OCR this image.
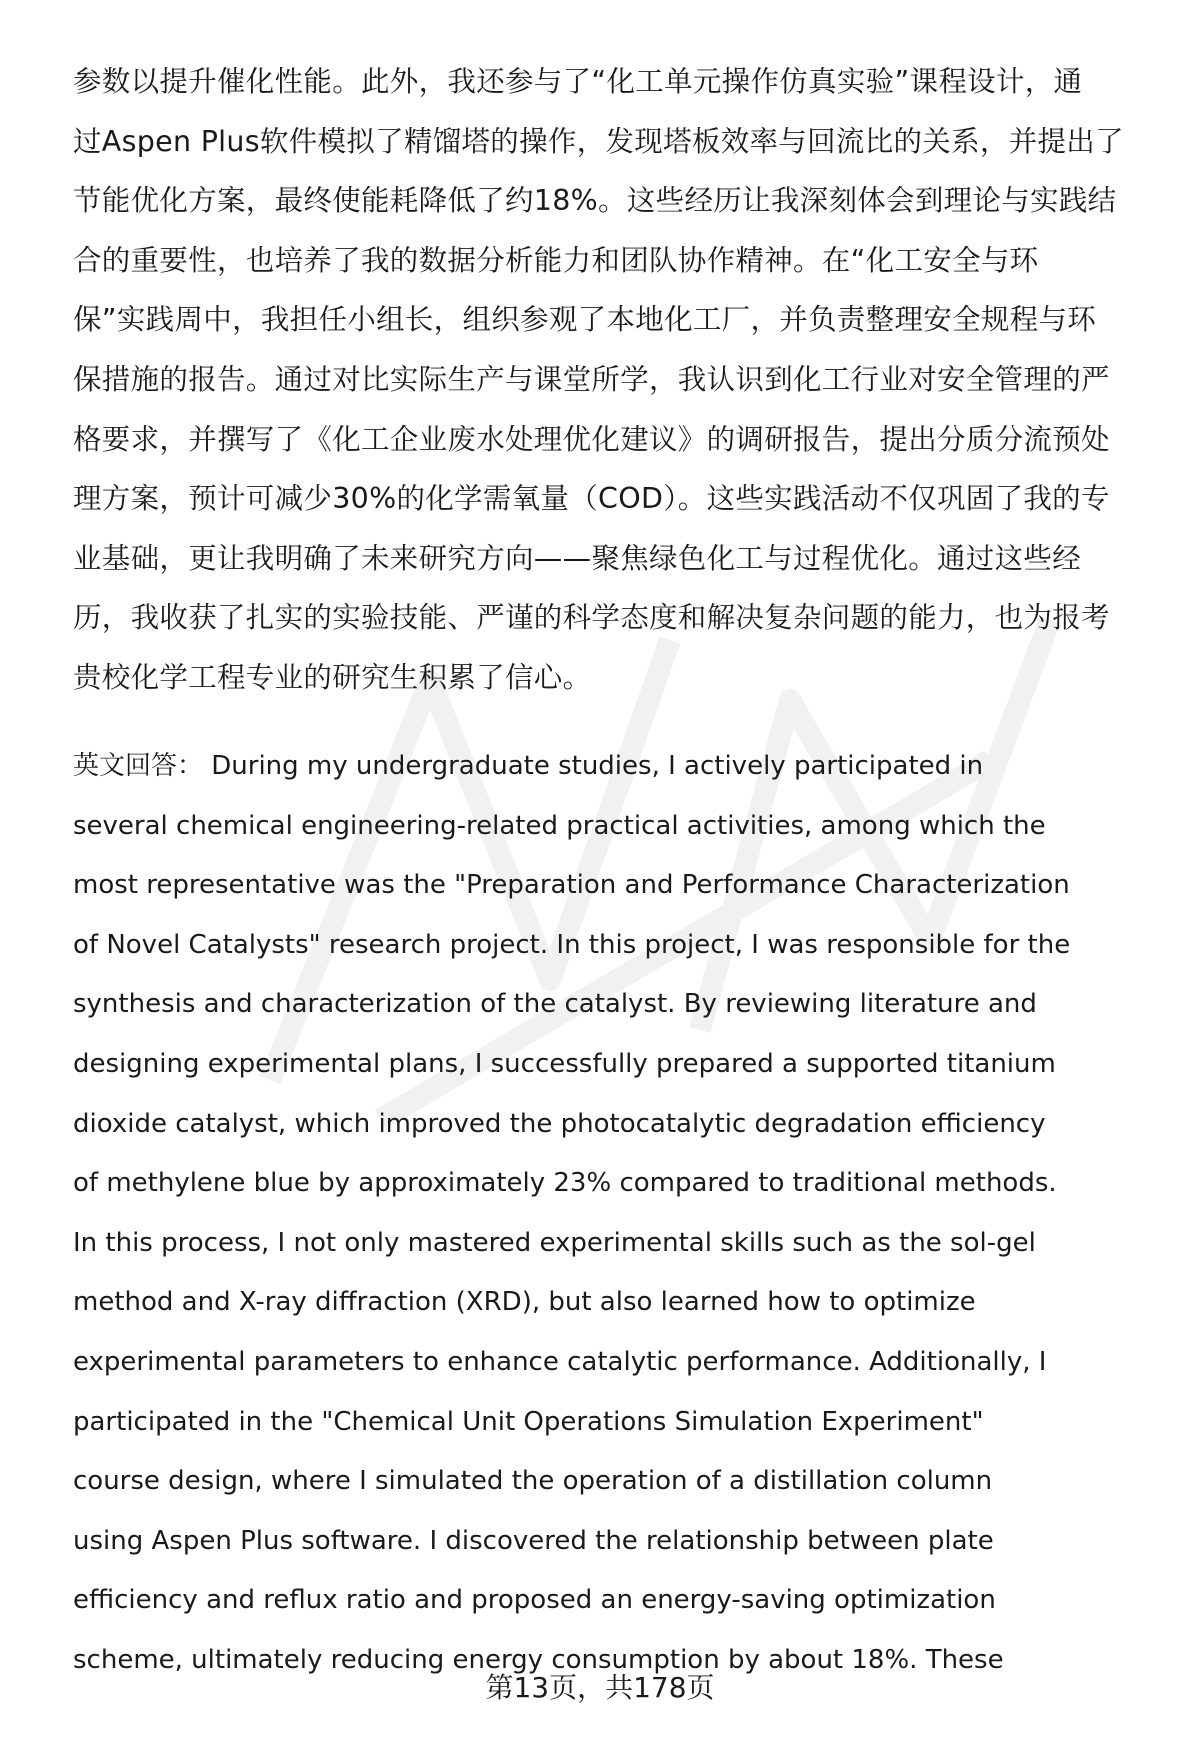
参数以提升催化性能。此外，我还参与了“化工单元操作仿真实验”课程设计，通
过Aspen Plus软件模拟了精馏塔的操作，发现塔板效率与回流比的关系，并提出了
节能优化方案，最终使能耗降低了约18%。这些经历让我深刻体会到理论与实践结
合的重要性，也培养了我的数据分析能力和团队协作精神。在“化工安全与环
保”实践周中，我担任小组长，组织参观了本地化工厂，并负责整理安全规程与环
保措施的报告。通过对比实际生产与课堂所学，我认识到化工行业对安全管理的严
格要求，并撰写了《化工企业废水处理优化建议》的调研报告，提出分质分流预处
理方案，预计可减少30%的化学需氧量（COD）。这些实践活动不仅巩固了我的专
业基础，更让我明确了未来研究方向——聚焦绿色化工与过程优化。通过这些经
历，我收获了扎实的实验技能、严谨的科学态度和解决复杂问题的能力，也为报考
贵校化学工程专业的研究生积累了信心。
英文回答： During my undergraduate studies, I actively participated in
several chemical engineering-related practical activities, among which the
most representative was the "Preparation and Performance Characterization
of Novel Catalysts" research project. In this project, I was responsible for the
synthesis and characterization of the catalyst. By reviewing literature and
designing experimental plans, I successfully prepared a supported titanium
dioxide catalyst, which improved the photocatalytic degradation efficiency
of methylene blue by approximately 23% compared to traditional methods.
In this process, I not only mastered experimental skills such as the sol-gel
method and X-ray diffraction (XRD), but also learned how to optimize
experimental parameters to enhance catalytic performance. Additionally, I
participated in the "Chemical Unit Operations Simulation Experiment"
course design, where I simulated the operation of a distillation column
using Aspen Plus software. I discovered the relationship between plate
efficiency and reflux ratio and proposed an energy-saving optimization
scheme, ultimately reducing energy consumption by about 18%. These
第13页，共178页
